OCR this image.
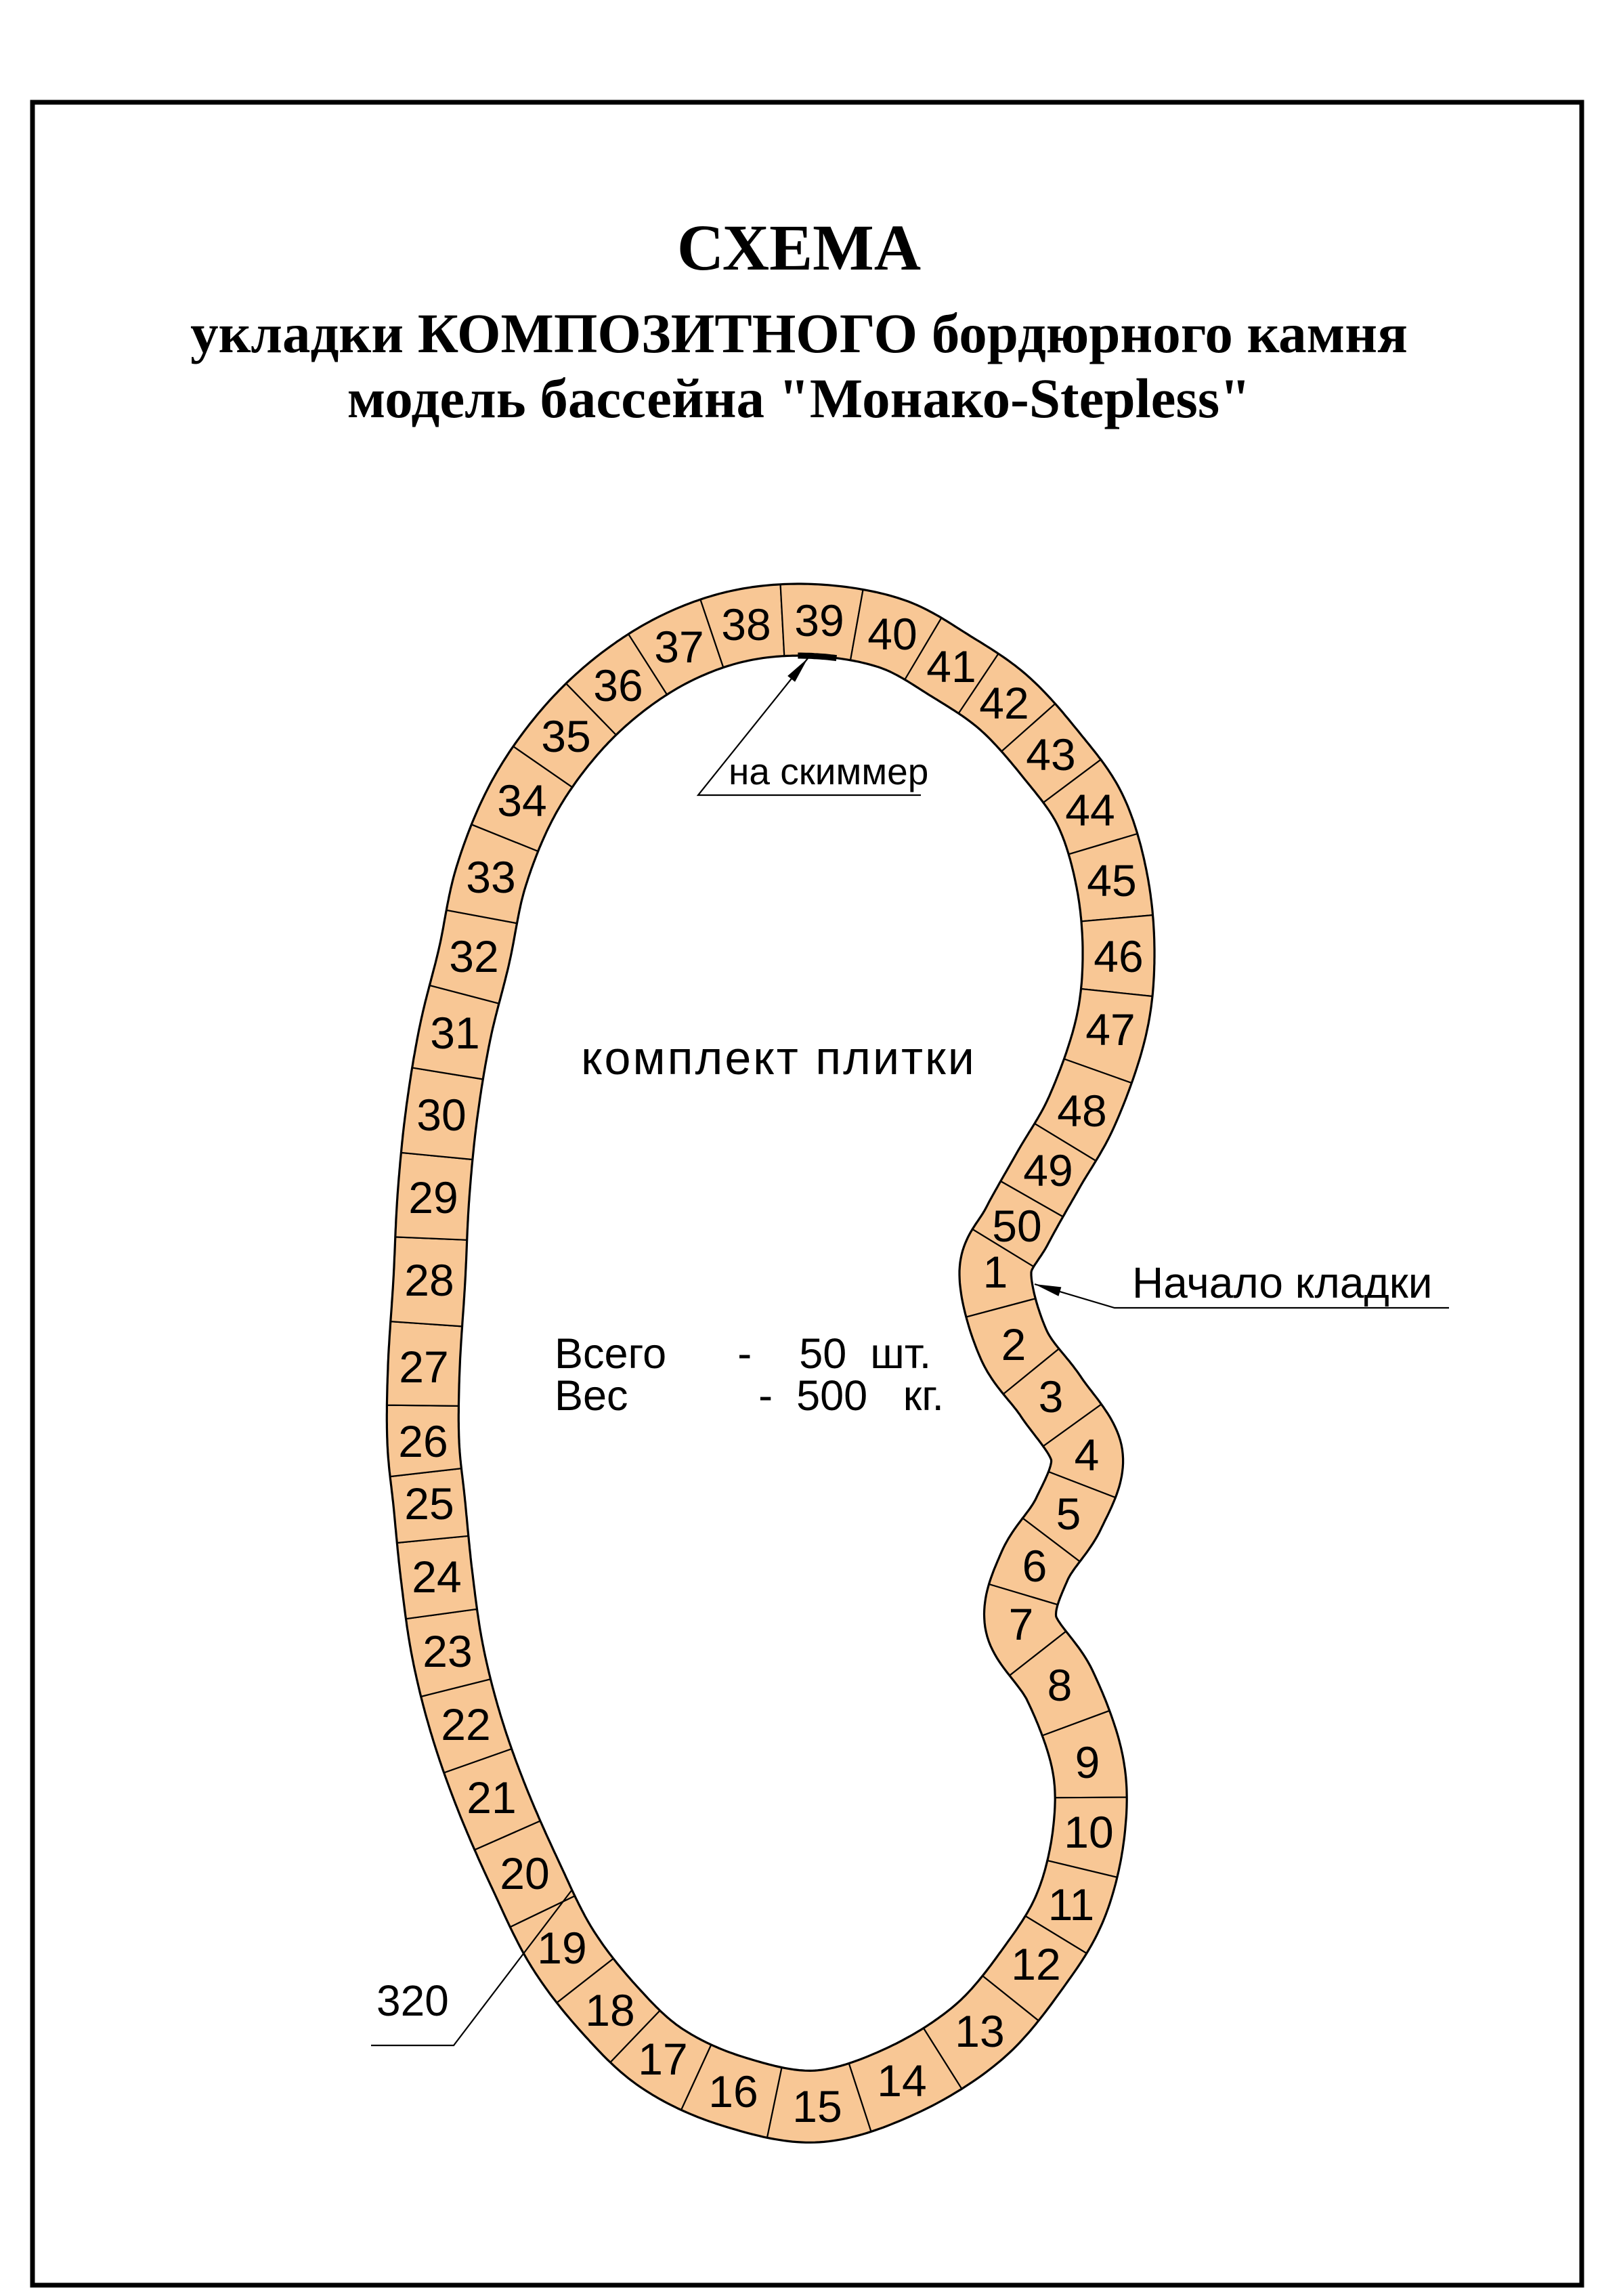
СХЕМА
укладки КОМПОЗИТНОГО бордюрного камня
модель бассейна "Монако-Stepless"
1
2
3
4
5
6
7
8
9
10
11
12
13
14
15
16
17
18
19
20
21
22
23
24
25
26
27
28
29
30
31
32
33
34
35
36
37 38 39 40
41
42
43
44
45
46
47
48
49
50
на скиммер
Начало кладки
320
комплект плитки
Всего      -    50  шт.
Вес           -  500   кг.
